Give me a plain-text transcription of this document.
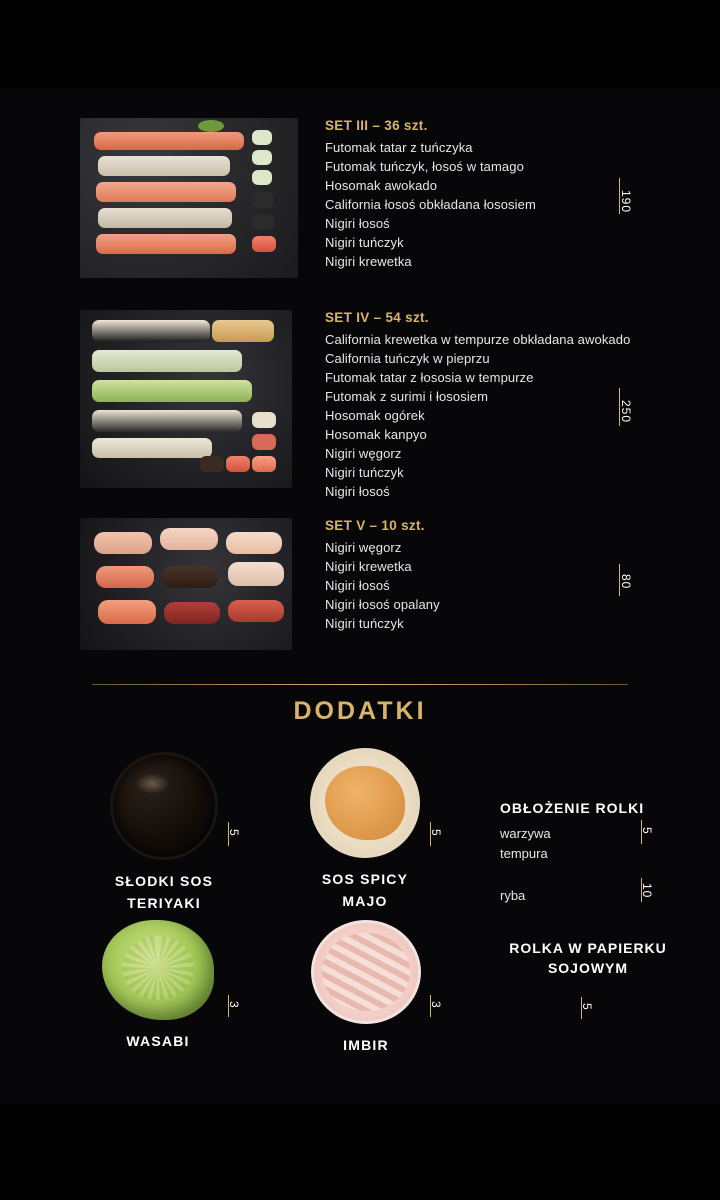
SET III – 36 szt.
Futomak tatar z tuńczyka
Futomak tuńczyk, łosoś w tamago
Hosomak awokado
California łosoś obkładana łososiem
Nigiri łosoś
Nigiri tuńczyk
Nigiri krewetka
190
SET IV – 54 szt.
California krewetka w tempurze obkładana awokado
California tuńczyk w pieprzu
Futomak tatar z łososia w tempurze
Futomak z surimi i łososiem
Hosomak ogórek
Hosomak kanpyo
Nigiri węgorz
Nigiri tuńczyk
Nigiri łosoś
250
SET V – 10 szt.
Nigiri węgorz
Nigiri krewetka
Nigiri łosoś
Nigiri łosoś opalany
Nigiri tuńczyk
80
DODATKI
SŁODKI SOS
TERIYAKI
5
SOS SPICY
MAJO
5
WASABI
3
IMBIR
3
OBŁOŻENIE ROLKI
warzywa
tempura
ryba
5
10
ROLKA W PAPIERKU
SOJOWYM
5
